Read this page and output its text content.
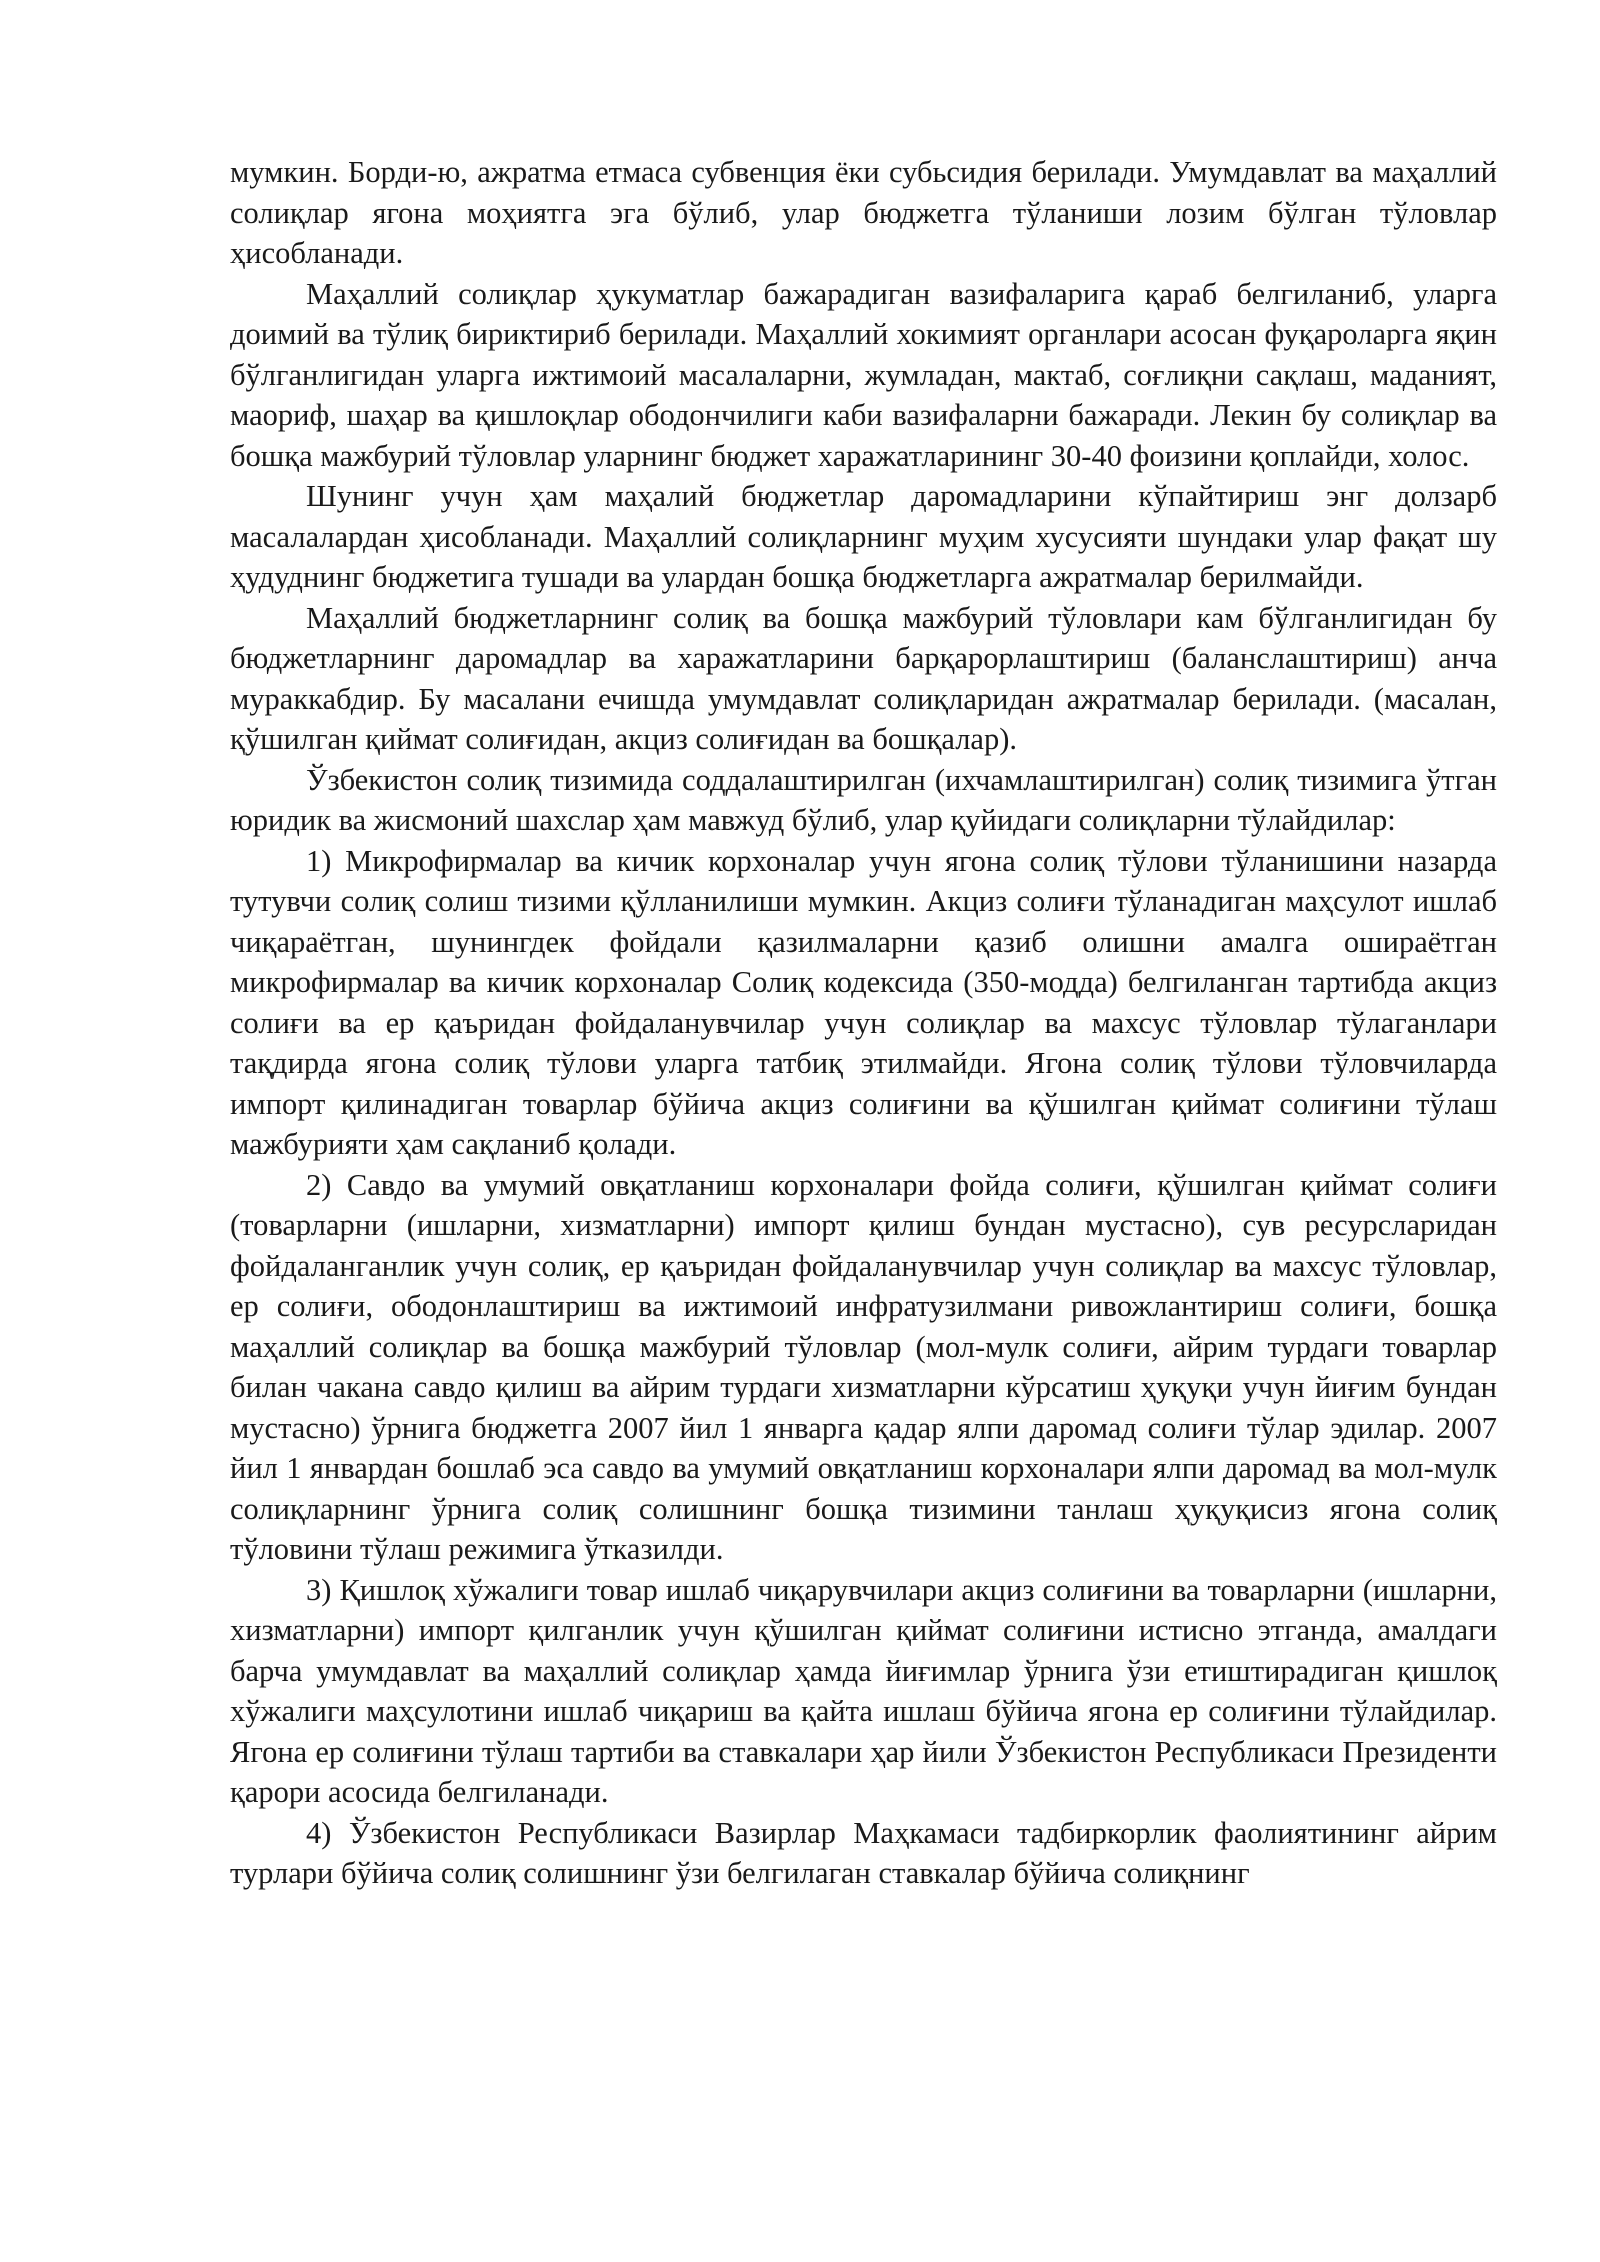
мумкин. Борди-ю, ажратма етмаса субвенция ёки субьсидия берилади. Умумдавлат ва маҳаллий солиқлар ягона моҳиятга эга бўлиб, улар бюджетга тўланиши лозим бўлган тўловлар ҳисобланади.

Маҳаллий солиқлар ҳукуматлар бажарадиган вазифаларига қараб белгиланиб, уларга доимий ва тўлиқ бириктириб берилади. Маҳаллий хокимият органлари асосан фуқароларга яқин бўлганлигидан уларга ижтимоий масалаларни, жумладан, мактаб, соғлиқни сақлаш, маданият, маориф, шаҳар ва қишлоқлар ободончилиги каби вазифаларни бажаради. Лекин бу солиқлар ва бошқа мажбурий тўловлар уларнинг бюджет харажатларининг 30-40 фоизини қоплайди, холос.

Шунинг учун ҳам маҳалий бюджетлар даромадларини кўпайтириш энг долзарб масалалардан ҳисобланади. Маҳаллий солиқларнинг муҳим хусусияти шундаки улар фақат шу ҳудуднинг бюджетига тушади ва улардан бошқа бюджетларга ажратмалар берилмайди.

Маҳаллий бюджетларнинг солиқ ва бошқа мажбурий тўловлари кам бўлганлигидан бу бюджетларнинг даромадлар ва харажатларини барқарорлаштириш (баланслаштириш) анча мураккабдир. Бу масалани ечишда умумдавлат солиқларидан ажратмалар берилади. (масалан, қўшилган қиймат солиғидан, акциз солиғидан ва бошқалар).

Ўзбекистон солиқ тизимида соддалаштирилган (ихчамлаштирилган) солиқ тизимига ўтган юридик ва жисмоний шахслар ҳам мавжуд бўлиб, улар қуйидаги солиқларни тўлайдилар:

1) Микрофирмалар ва кичик корхоналар учун ягона солиқ тўлови тўланишини назарда тутувчи солиқ солиш тизими қўлланилиши мумкин. Акциз солиғи тўланадиган маҳсулот ишлаб чиқараётган, шунингдек фойдали қазилмаларни қазиб олишни амалга ошираётган микрофирмалар ва кичик корхоналар Солиқ кодексида (350-модда) белгиланган тартибда акциз солиғи ва ер қаъридан фойдаланувчилар учун солиқлар ва махсус тўловлар тўлаганлари тақдирда ягона солиқ тўлови уларга татбиқ этилмайди. Ягона солиқ тўлови тўловчиларда импорт қилинадиган товарлар бўйича акциз солиғини ва қўшилган қиймат солиғини тўлаш мажбурияти ҳам сақланиб қолади.

2) Савдо ва умумий овқатланиш корхоналари фойда солиғи, қўшилган қиймат солиғи (товарларни (ишларни, хизматларни) импорт қилиш бундан мустасно), сув ресурсларидан фойдаланганлик учун солиқ, ер қаъридан фойдаланувчилар учун солиқлар ва махсус тўловлар, ер солиғи, ободонлаштириш ва ижтимоий инфратузилмани ривожлантириш солиғи, бошқа маҳаллий солиқлар ва бошқа мажбурий тўловлар (мол-мулк солиғи, айрим турдаги товарлар билан чакана савдо қилиш ва айрим турдаги хизматларни кўрсатиш ҳуқуқи учун йиғим бундан мустасно) ўрнига бюджетга 2007 йил 1 январга қадар ялпи даромад солиғи тўлар эдилар. 2007 йил 1 январдан бошлаб эса савдо ва умумий овқатланиш корхоналари ялпи даромад ва мол-мулк солиқларнинг ўрнига солиқ солишнинг бошқа тизимини танлаш ҳуқуқисиз ягона солиқ тўловини тўлаш режимига ўтказилди.

3) Қишлоқ хўжалиги товар ишлаб чиқарувчилари акциз солиғини ва товарларни (ишларни, хизматларни) импорт қилганлик учун қўшилган қиймат солиғини истисно этганда, амалдаги барча умумдавлат ва маҳаллий солиқлар ҳамда йиғимлар ўрнига ўзи етиштирадиган қишлоқ хўжалиги маҳсулотини ишлаб чиқариш ва қайта ишлаш бўйича ягона ер солиғини тўлайдилар. Ягона ер солиғини тўлаш тартиби ва ставкалари ҳар йили Ўзбекистон Республикаси Президенти қарори асосида белгиланади.

4) Ўзбекистон Республикаси Вазирлар Маҳкамаси тадбиркорлик фаолиятининг айрим турлари бўйича солиқ солишнинг ўзи белгилаган ставкалар бўйича солиқнинг
